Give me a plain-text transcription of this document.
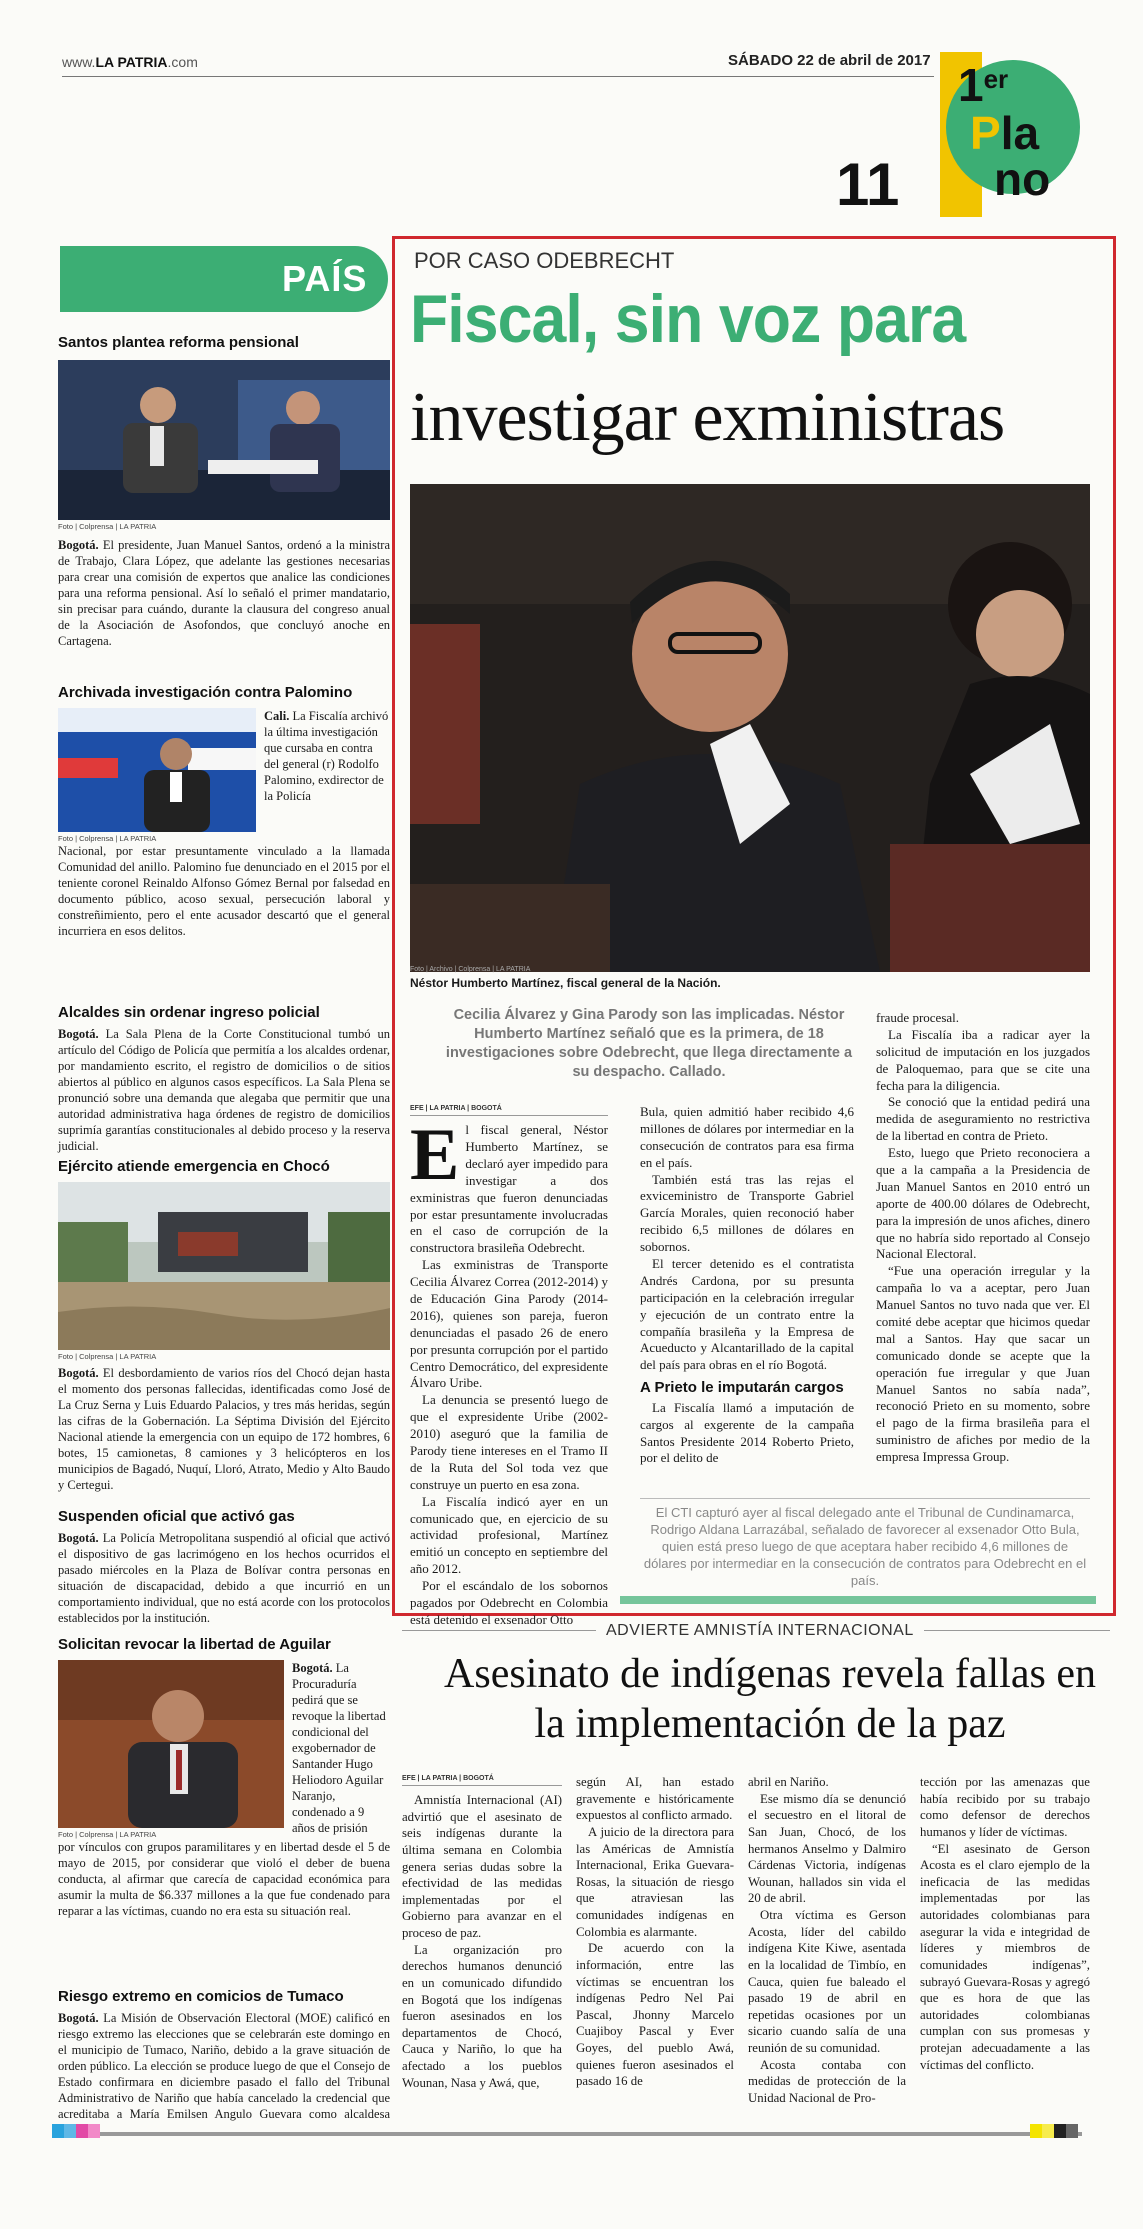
www.LA PATRIA.com	SÁBADO 22 de abril de 2017
11
1er
Pla
no
PAÍS
Santos plantea reforma pensional
Foto | Colprensa | LA PATRIA
Bogotá. El presidente, Juan Manuel Santos, ordenó a la ministra de Trabajo, Clara López, que adelante las gestiones necesarias para crear una comisión de expertos que analice las condiciones para una reforma pensional. Así lo señaló el primer mandatario, sin precisar para cuándo, durante la clausura del congreso anual de la Asociación de Asofondos, que concluyó anoche en Cartagena.
Archivada investigación contra Palomino
Foto | Colprensa | LA PATRIA
Cali. La Fiscalía archivó la última investigación que cursaba en contra del general (r) Rodolfo Palomino, exdirector de la Policía
Nacional, por estar presuntamente vinculado a la llamada Comunidad del anillo. Palomino fue denunciado en el 2015 por el teniente coronel Reinaldo Alfonso Gómez Bernal por falsedad en documento público, acoso sexual, persecución laboral y constreñimiento, pero el ente acusador descartó que el general incurriera en esos delitos.
Alcaldes sin ordenar ingreso policial
Bogotá. La Sala Plena de la Corte Constitucional tumbó un artículo del Código de Policía que permitía a los alcaldes ordenar, por mandamiento escrito, el registro de domicilios o de sitios abiertos al público en algunos casos específicos. La Sala Plena se pronunció sobre una demanda que alegaba que permitir que una autoridad administrativa haga órdenes de registro de domicilios suprimía garantías constitucionales al debido proceso y la reserva judicial.
Ejército atiende emergencia en Chocó
Foto | Colprensa | LA PATRIA
Bogotá. El desbordamiento de varios ríos del Chocó dejan hasta el momento dos personas fallecidas, identificadas como José de La Cruz Serna y Luis Eduardo Palacios, y tres más heridas, según las cifras de la Gobernación. La Séptima División del Ejército Nacional atiende la emergencia con un equipo de 172 hombres, 6 botes, 15 camionetas, 8 camiones y 3 helicópteros en los municipios de Bagadó, Nuquí, Lloró, Atrato, Medio y Alto Baudo y Certegui.
Suspenden oficial que activó gas
Bogotá. La Policía Metropolitana suspendió al oficial que activó el dispositivo de gas lacrimógeno en los hechos ocurridos el pasado miércoles en la Plaza de Bolívar contra personas en situación de discapacidad, debido a que incurrió en un comportamiento individual, que no está acorde con los protocolos establecidos por la institución.
Solicitan revocar la libertad de Aguilar
Foto | Colprensa | LA PATRIA
Bogotá. La Procuraduría pedirá que se revoque la libertad condicional del exgobernador de Santander Hugo Heliodoro Aguilar Naranjo, condenado a 9 años de prisión
por vínculos con grupos paramilitares y en libertad desde el 5 de mayo de 2015, por considerar que violó el deber de buena conducta, al afirmar que carecía de capacidad económica para asumir la multa de $6.337 millones a la que fue condenado para reparar a las víctimas, cuando no era esta su situación real.
Riesgo extremo en comicios de Tumaco
Bogotá. La Misión de Observación Electoral (MOE) calificó en riesgo extremo las elecciones que se celebrarán este domingo en el municipio de Tumaco, Nariño, debido a la grave situación de orden público. La elección se produce luego de que el Consejo de Estado confirmara en diciembre pasado el fallo del Tribunal Administrativo de Nariño que había cancelado la credencial que acreditaba a María Emilsen Angulo Guevara como alcaldesa
POR CASO ODEBRECHT
Fiscal, sin voz para
investigar exministras
Foto | Archivo | Colprensa | LA PATRIA
Néstor Humberto Martínez, fiscal general de la Nación.
Cecilia Álvarez y Gina Parody son las implicadas. Néstor Humberto Martínez señaló que es la primera, de 18 investigaciones sobre Odebrecht, que llega directamente a su despacho. Callado.
EFE | LA PATRIA | BOGOTÁ
E l fiscal general, Néstor Humberto Martínez, se declaró ayer impedido para investigar a dos exministras que fueron denunciadas por estar presuntamente involucradas en el caso de corrupción de la constructora brasileña Odebrecht.

Las exministras de Transporte Cecilia Álvarez Correa (2012-2014) y de Educación Gina Parody (2014-2016), quienes son pareja, fueron denunciadas el pasado 26 de enero por presunta corrupción por el partido Centro Democrático, del expresidente Álvaro Uribe.

La denuncia se presentó luego de que el expresidente Uribe (2002-2010) aseguró que la familia de Parody tiene intereses en el Tramo II de la Ruta del Sol toda vez que construye un puerto en esa zona.

La Fiscalía indicó ayer en un comunicado que, en ejercicio de su actividad profesional, Martínez emitió un concepto en septiembre del año 2012.

Por el escándalo de los sobornos pagados por Odebrecht en Colombia está detenido el exsenador Otto

Bula, quien admitió haber recibido 4,6 millones de dólares por intermediar en la consecución de contratos para esa firma en el país.

También está tras las rejas el exviceministro de Transporte Gabriel García Morales, quien reconoció haber recibido 6,5 millones de dólares en sobornos.

El tercer detenido es el contratista Andrés Cardona, por su presunta participación en la celebración irregular y ejecución de un contrato entre la compañía brasileña y la Empresa de Acueducto y Alcantarillado de la capital del país para obras en el río Bogotá.

A Prieto le imputarán cargos

La Fiscalía llamó a imputación de cargos al exgerente de la campaña Santos Presidente 2014 Roberto Prieto, por el delito de

fraude procesal.

La Fiscalía iba a radicar ayer la solicitud de imputación en los juzgados de Paloquemao, para que se cite una fecha para la diligencia.

Se conoció que la entidad pedirá una medida de aseguramiento no restrictiva de la libertad en contra de Prieto.

Esto, luego que Prieto reconociera a que a la campaña a la Presidencia de Juan Manuel Santos en 2010 entró un aporte de 400.00 dólares de Odebrecht, para la impresión de unos afiches, dinero que no habría sido reportado al Consejo Nacional Electoral.

“Fue una operación irregular y la campaña lo va a aceptar, pero Juan Manuel Santos no tuvo nada que ver. El comité debe aceptar que hicimos quedar mal a Santos. Hay que sacar un comunicado donde se acepte que la operación fue irregular y que Juan Manuel Santos no sabía nada”, reconoció Prieto en su momento, sobre el pago de la firma brasileña para el suministro de afiches por medio de la empresa Impressa Group.

El CTI capturó ayer al fiscal delegado ante el Tribunal de Cundinamarca, Rodrigo Aldana Larrazábal, señalado de favorecer al exsenador Otto Bula, quien está preso luego de que aceptara haber recibido 4,6 millones de dólares por intermediar en la consecución de contratos para Odebrecht en el país.
ADVIERTE AMNISTÍA INTERNACIONAL
Asesinato de indígenas revela fallas en la implementación de la paz
EFE | LA PATRIA | BOGOTÁ

Amnistía Internacional (AI) advirtió que el asesinato de seis indígenas durante la última semana en Colombia genera serias dudas sobre la efectividad de las medidas implementadas por el Gobierno para avanzar en el proceso de paz.

La organización pro derechos humanos denunció en un comunicado difundido en Bogotá que los indígenas fueron asesinados en los departamentos de Chocó, Cauca y Nariño, lo que ha afectado a los pueblos Wounan, Nasa y Awá, que,

según AI, han estado gravemente e históricamente expuestos al conflicto armado.

A juicio de la directora para las Américas de Amnistía Internacional, Erika Guevara-Rosas, la situación de riesgo que atraviesan las comunidades indígenas en Colombia es alarmante.

De acuerdo con la información, entre las víctimas se encuentran los indígenas Pedro Nel Pai Pascal, Jhonny Marcelo Cuajiboy Pascal y Ever Goyes, del pueblo Awá, quienes fueron asesinados el pasado 16 de

abril en Nariño.

Ese mismo día se denunció el secuestro en el litoral de San Juan, Chocó, de los hermanos Anselmo y Dalmiro Cárdenas Victoria, indígenas Wounan, hallados sin vida el 20 de abril.

Otra víctima es Gerson Acosta, líder del cabildo indígena Kite Kiwe, asentada en la localidad de Timbío, en Cauca, quien fue baleado el pasado 19 de abril en repetidas ocasiones por un sicario cuando salía de una reunión de su comunidad.

Acosta contaba con medidas de protección de la Unidad Nacional de Pro-

tección por las amenazas que había recibido por su trabajo como defensor de derechos humanos y líder de víctimas.

“El asesinato de Gerson Acosta es el claro ejemplo de la ineficacia de las medidas implementadas por las autoridades colombianas para asegurar la vida e integridad de líderes y miembros de comunidades indígenas”, subrayó Guevara-Rosas y agregó que es hora de que las autoridades colombianas cumplan con sus promesas y protejan adecuadamente a las víctimas del conflicto.
